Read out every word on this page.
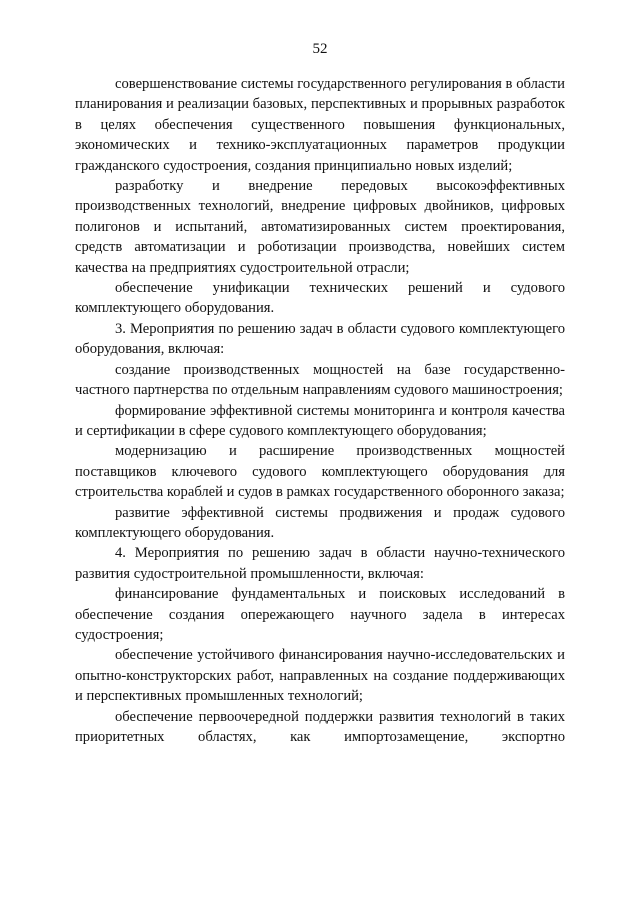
52

совершенствование системы государственного регулирования в области планирования и реализации базовых, перспективных и прорывных разработок в целях обеспечения существенного повышения функциональных, экономических и технико-эксплуатационных параметров продукции гражданского судостроения, создания принципиально новых изделий;

разработку и внедрение передовых высокоэффективных производственных технологий, внедрение цифровых двойников, цифровых полигонов и испытаний, автоматизированных систем проектирования, средств автоматизации и роботизации производства, новейших систем качества на предприятиях судостроительной отрасли;

обеспечение унификации технических решений и судового комплектующего оборудования.

3. Мероприятия по решению задач в области судового комплектующего оборудования, включая:

создание производственных мощностей на базе государственно-частного партнерства по отдельным направлениям судового машиностроения;

формирование эффективной системы мониторинга и контроля качества и сертификации в сфере судового комплектующего оборудования;

модернизацию и расширение производственных мощностей поставщиков ключевого судового комплектующего оборудования для строительства кораблей и судов в рамках государственного оборонного заказа;

развитие эффективной системы продвижения и продаж судового комплектующего оборудования.

4. Мероприятия по решению задач в области научно-технического развития судостроительной промышленности, включая:

финансирование фундаментальных и поисковых исследований в обеспечение создания опережающего научного задела в интересах судостроения;

обеспечение устойчивого финансирования научно-исследовательских и опытно-конструкторских работ, направленных на создание поддерживающих и перспективных промышленных технологий;

обеспечение первоочередной поддержки развития технологий в таких приоритетных областях, как импортозамещение, экспортно
